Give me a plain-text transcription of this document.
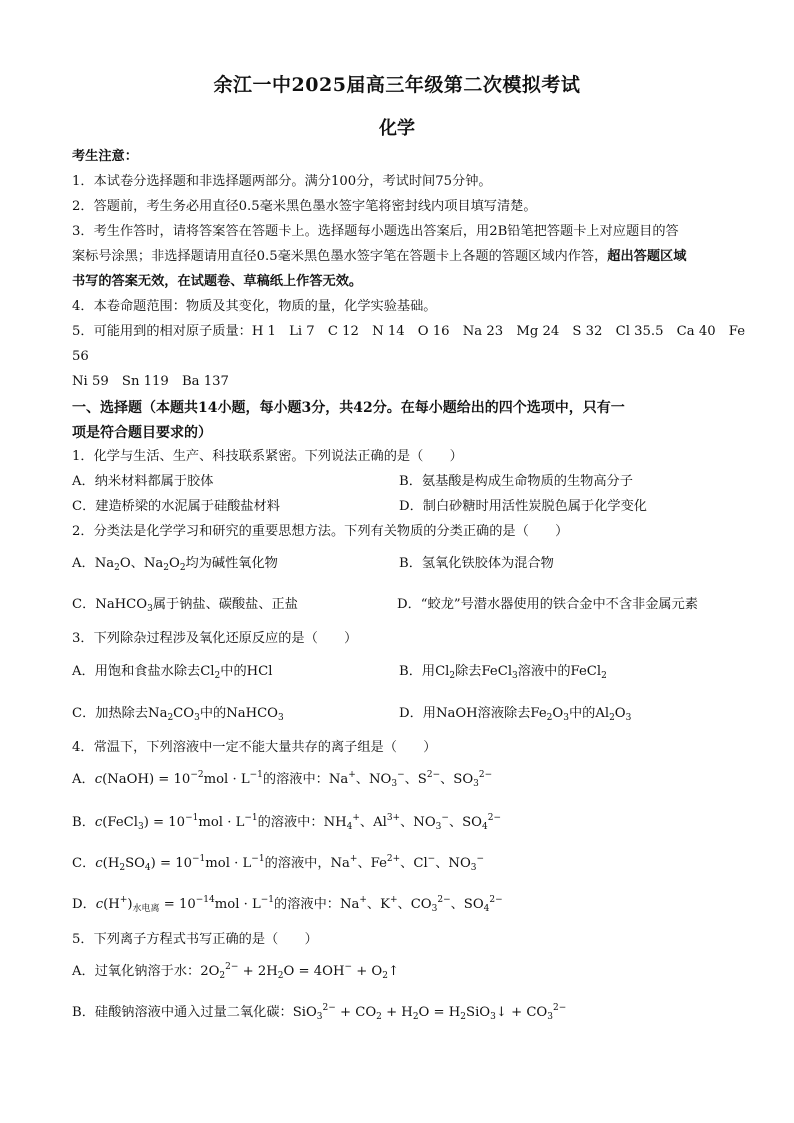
余江一中2025届高三年级第二次模拟考试
化学
考生注意：
1．本试卷分选择题和非选择题两部分。满分100分，考试时间75分钟。
2．答题前，考生务必用直径0.5毫米黑色墨水签字笔将密封线内项目填写清楚。
3．考生作答时，请将答案答在答题卡上。选择题每小题选出答案后，用2B铅笔把答题卡上对应题目的答
案标号涂黑；非选择题请用直径0.5毫米黑色墨水签字笔在答题卡上各题的答题区域内作答，超出答题区域
书写的答案无效，在试题卷、草稿纸上作答无效。
4．本卷命题范围：物质及其变化，物质的量，化学实验基础。
5．可能用到的相对原子质量：H 1　Li 7　C 12　N 14　O 16　Na 23　Mg 24　S 32　Cl 35.5　Ca 40　Fe
56
Ni 59　Sn 119　Ba 137
一、选择题（本题共14小题，每小题3分，共42分。在每小题给出的四个选项中，只有一
项是符合题目要求的）
1．化学与生活、生产、科技联系紧密。下列说法正确的是（　　）
A．纳米材料都属于胶体	B．氨基酸是构成生命物质的生物高分子
C．建造桥梁的水泥属于硅酸盐材料	D．制白砂糖时用活性炭脱色属于化学变化
2．分类法是化学学习和研究的重要思想方法。下列有关物质的分类正确的是（　　）
A．$Na_2O$、$Na_2O_2$均为碱性氧化物	B．氢氧化铁胶体为混合物
C．NaHCO$_3$属于钠盐、碳酸盐、正盐	D．“蛟龙”号潜水器使用的铁合金中不含非金属元素
3．下列除杂过程涉及氧化还原反应的是（　　）
A．用饱和食盐水除去$Cl_2$中的HCl	B．用$Cl_2$除去FeCl$_3$溶液中的FeCl$_2$
C．加热除去$Na_2CO_3$中的NaHCO$_3$	D．用NaOH溶液除去$Fe_2O_3$中的$Al_2O_3$
4．常温下，下列溶液中一定不能大量共存的离子组是（　　）
A．c(NaOH) = $10^{-2}mol \cdot L^{-1}$的溶液中：Na+、$NO_3^-$、$S^{2-}$、$SO_3^{2-}$
B．c(FeCl$_3$) = $10^{-1}mol \cdot L^{-1}$的溶液中：$NH_4^+$、$Al^{3+}$、$NO_3^-$、$SO_4^{2-}$
C．$c(H_2SO_4) = 10^{-1}mol \cdot L^{-1}$的溶液中，Na+、$Fe^{2+}$、Cl−、$NO_3^-$
D．$c(H^+)_{水电离} = 10^{-14}mol \cdot L^{-1}$的溶液中：Na+、K+、$CO_3^{2-}$、$SO_4^{2-}$
5．下列离子方程式书写正确的是（　　）
A．过氧化钠溶于水：$2O_2^{2-} + 2H_2O = 4OH^-$ + $O_2↑$
B．硅酸钠溶液中通入过量二氧化碳：$SiO_3^{2-} + CO_2 + H_2O$ = $H_2SiO_3↓ + CO_3^{2-}$
